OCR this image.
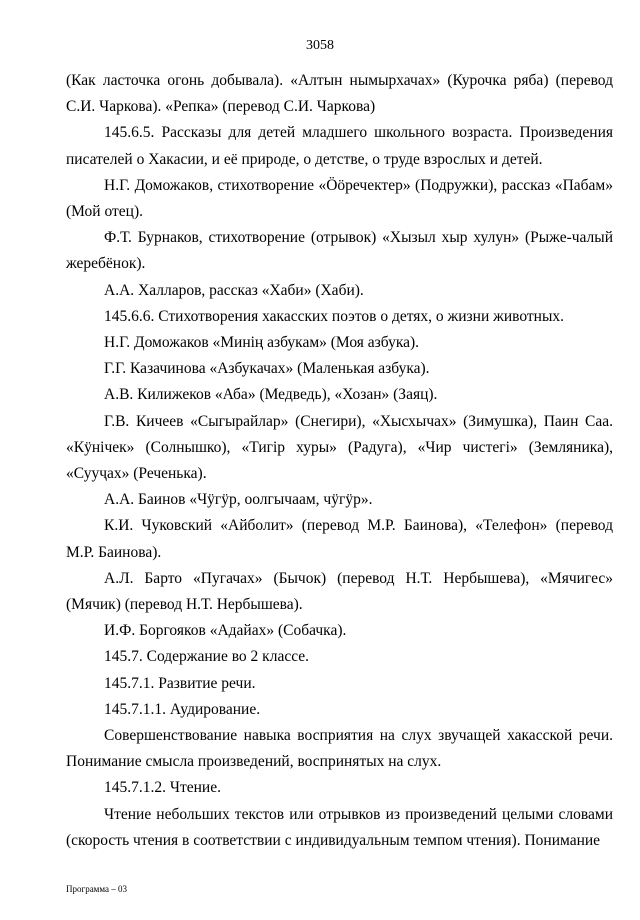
3058

(Как ласточка огонь добывала). «Алтын нымырхачах» (Курочка ряба) (перевод С.И. Чаркова). «Репка» (перевод С.И. Чаркова)

145.6.5. Рассказы для детей младшего школьного возраста. Произведения писателей о Хакасии, и её природе, о детстве, о труде взрослых и детей.

Н.Г. Доможаков, стихотворение «Ööречектер» (Подружки), рассказ «Пабам» (Мой отец).

Ф.Т. Бурнаков, стихотворение (отрывок) «Хызыл хыр хулун» (Рыже-чалый жеребёнок).

А.А. Халларов, рассказ «Хаби» (Хаби).

145.6.6. Стихотворения хакасских поэтов о детях, о жизни животных.

Н.Г. Доможаков «Минiң азбукам» (Моя азбука).

Г.Г. Казачинова «Азбукачах» (Маленькая азбука).

А.В. Килижеков «Аба» (Медведь), «Хозан» (Заяц).

Г.В. Кичеев «Сыгырайлар» (Снегири), «Хысхычах» (Зимушка), Паин Саа. «Кÿнiчек» (Солнышко), «Тигiр хуры» (Радуга), «Чир чистегi» (Земляника), «Сууҷах» (Реченька).

А.А. Баинов «Чÿгÿр, оолгычаам, чÿгÿр».

К.И. Чуковский «Айболит» (перевод М.Р. Баинова), «Телефон» (перевод М.Р. Баинова).

А.Л. Барто «Пугачах» (Бычок) (перевод Н.Т. Нербышева), «Мячигес» (Мячик) (перевод Н.Т. Нербышева).

И.Ф. Боргояков «Адайах» (Собачка).

145.7. Содержание во 2 классе.

145.7.1. Развитие речи.

145.7.1.1. Аудирование.

Совершенствование навыка восприятия на слух звучащей хакасской речи. Понимание смысла произведений, воспринятых на слух.

145.7.1.2. Чтение.

Чтение небольших текстов или отрывков из произведений целыми словами (скорость чтения в соответствии с индивидуальным темпом чтения). Понимание

Программа – 03
